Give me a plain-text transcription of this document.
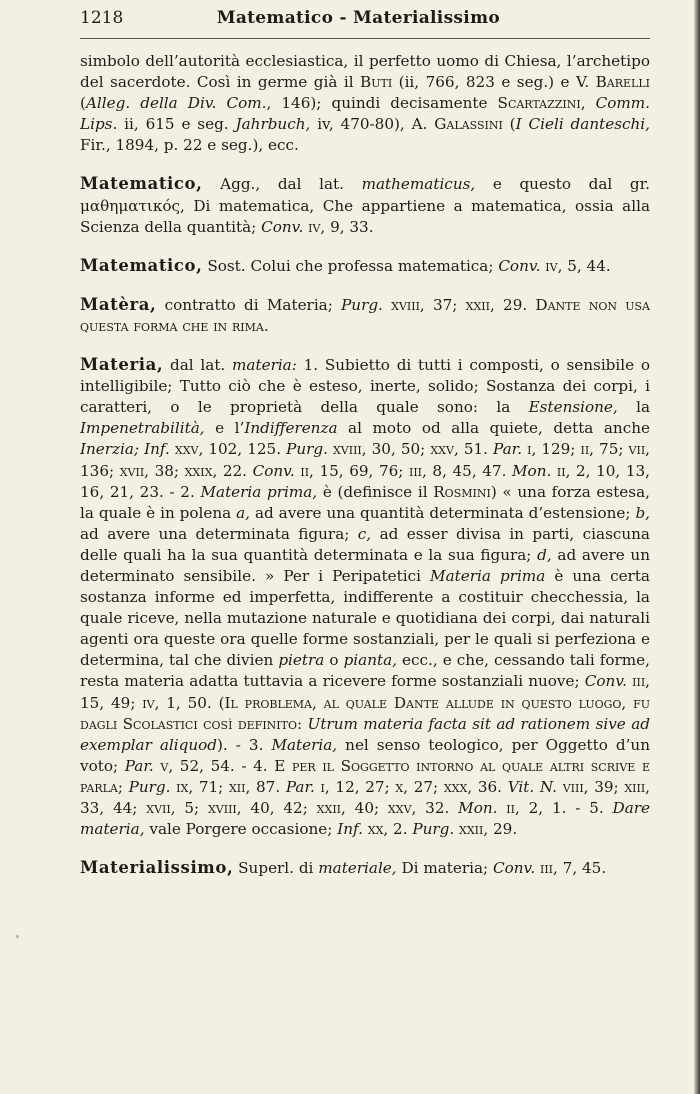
1218	Matematico - Materialissimo

simbolo dell’autorità ecclesiastica, il perfetto uomo di Chiesa, l’archetipo del sacerdote. Così in germe già il Buti (ii, 766, 823 e seg.) e V. Barelli (Alleg. della Div. Com., 146); quindi decisamente Scartazzini, Comm. Lips. ii, 615 e seg. Jahrbuch, iv, 470-80), A. Galassini (I Cieli danteschi, Fir., 1894, p. 22 e seg.), ecc.

Matematico, Agg., dal lat. mathematicus, e questo dal gr. μαθηματικός, Di matematica, Che appartiene a matematica, ossia alla Scienza della quantità; Conv. iv, 9, 33.

Matematico, Sost. Colui che professa matematica; Conv. iv, 5, 44.

Matèra, contratto di Materia; Purg. xviii, 37; xxii, 29. Dante non usa questa forma che in rima.

Materia, dal lat. materia: 1. Subietto di tutti i composti, o sensibile o intelligibile; Tutto ciò che è esteso, inerte, solido; Sostanza dei corpi, i caratteri, o le proprietà della quale sono: la Estensione, la Impenetrabilità, e l’Indifferenza al moto od alla quiete, detta anche Inerzia; Inf. xxv, 102, 125. Purg. xviii, 30, 50; xxv, 51. Par. i, 129; ii, 75; vii, 136; xvii, 38; xxix, 22. Conv. ii, 15, 69, 76; iii, 8, 45, 47. Mon. ii, 2, 10, 13, 16, 21, 23. - 2. Materia prima, è (definisce il Rosmini) « una forza estesa, la quale è in polena a, ad avere una quantità determinata d’estensione; b, ad avere una determinata figura; c, ad esser divisa in parti, ciascuna delle quali ha la sua quantità determinata e la sua figura; d, ad avere un determinato sensibile. » Per i Peripatetici Materia prima è una certa sostanza informe ed imperfetta, indifferente a costituir checchessia, la quale riceve, nella mutazione naturale e quotidiana dei corpi, dai naturali agenti ora queste ora quelle forme sostanziali, per le quali si perfeziona e determina, tal che divien pietra o pianta, ecc., e che, cessando tali forme, resta materia adatta tuttavia a ricevere forme sostanziali nuove; Conv. iii, 15, 49; iv, 1, 50. (Il problema, al quale Dante allude in questo luogo, fu dagli Scolastici così definito: Utrum materia facta sit ad rationem sive ad exemplar aliquod). - 3. Materia, nel senso teologico, per Oggetto d’un voto; Par. v, 52, 54. - 4. E per il Soggetto intorno al quale altri scrive e parla; Purg. ix, 71; xii, 87. Par. i, 12, 27; x, 27; xxx, 36. Vit. N. viii, 39; xiii, 33, 44; xvii, 5; xviii, 40, 42; xxii, 40; xxv, 32. Mon. ii, 2, 1. - 5. Dare materia, vale Porgere occasione; Inf. xx, 2. Purg. xxii, 29.

Materialissimo, Superl. di materiale, Di materia; Conv. iii, 7, 45.
